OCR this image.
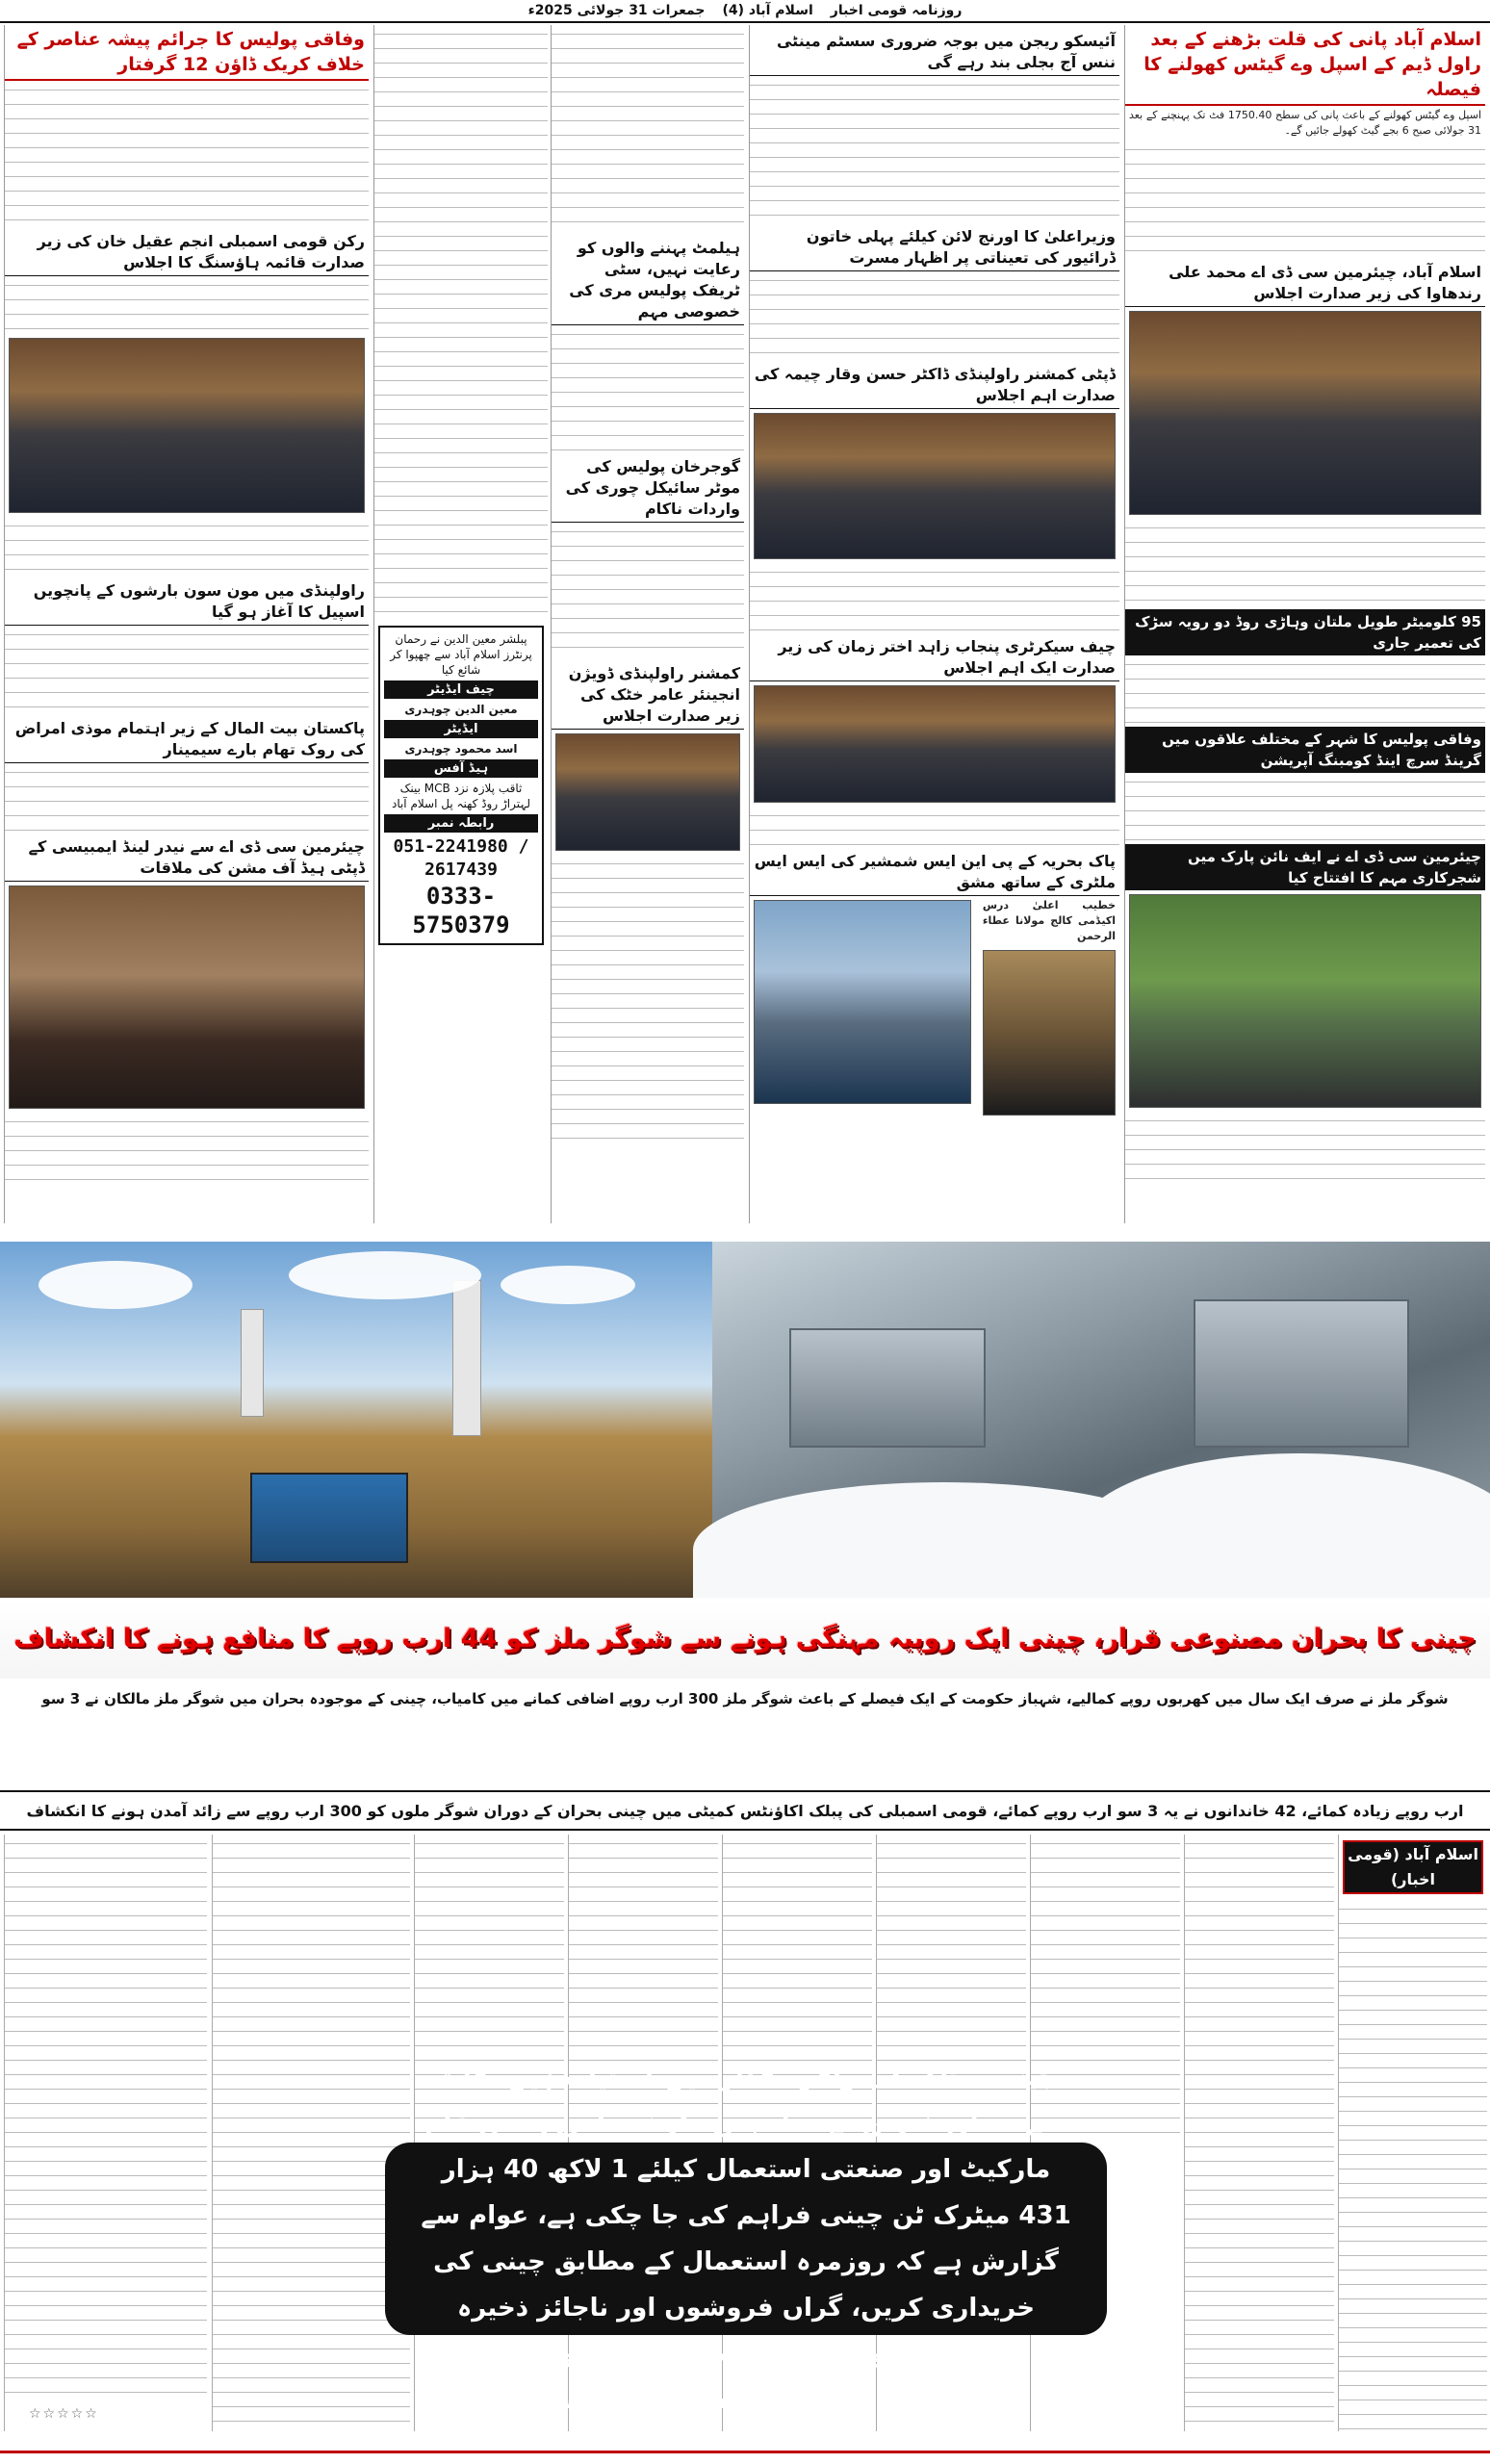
روزنامہ قومی اخبار
اسلام آباد (4)
جمعرات 31 جولائی 2025ء
اسلام آباد پانی کی قلت بڑھنے کے بعد راول ڈیم کے اسپل وے گیٹس کھولنے کا فیصلہ
اسپل وے گیٹس کھولنے کے باعث پانی کی سطح 1750.40 فٹ تک پہنچنے کے بعد 31 جولائی صبح 6 بجے گیٹ کھولے جائیں گے۔
اسلام آباد، چیئرمین سی ڈی اے محمد علی رندھاوا کی زیر صدارت اجلاس
95 کلومیٹر طویل ملتان وہاڑی روڈ دو رویہ سڑک کی تعمیر جاری
وفاقی پولیس کا شہر کے مختلف علاقوں میں گرینڈ سرچ اینڈ کومبنگ آپریشن
چیئرمین سی ڈی اے نے ایف نائن پارک میں شجرکاری مہم کا افتتاح کیا
آئیسکو ریجن میں بوجہ ضروری سسٹم مینٹی ننس آج بجلی بند رہے گی
وزیراعلیٰ کا اورنج لائن کیلئے پہلی خاتون ڈرائیور کی تعیناتی پر اظہار مسرت
ڈپٹی کمشنر راولپنڈی ڈاکٹر حسن وقار چیمہ کی صدارت اہم اجلاس
چیف سیکرٹری پنجاب زاہد اختر زمان کی زیر صدارت ایک اہم اجلاس
پاک بحریہ کے پی این ایس شمشیر کی ایس ایس ملٹری کے ساتھ مشق
خطیب اعلیٰ درس اکیڈمی کالج مولانا عطاء الرحمن
ہیلمٹ پہننے والوں کو رعایت نہیں، سٹی ٹریفک پولیس مری کی خصوصی مہم
گوجرخان پولیس کی موٹر سائیکل چوری کی واردات ناکام
کمشنر راولپنڈی ڈویژن انجینئر عامر خٹک کی زیر صدارت اجلاس
پبلشر معین الدین نے رحمان پرنٹرز اسلام آباد سے چھپوا کر شائع کیا
چیف ایڈیٹر
معین الدین چوہدری
ایڈیٹر
اسد محمود چوہدری
ہیڈ آفس
ثاقب پلازہ نزد MCB بینک لہتراڑ روڈ کھنہ پل اسلام آباد
رابطہ نمبر
051-2241980 / 2617439
0333-5750379
وفاقی پولیس کا جرائم پیشہ عناصر کے خلاف کریک ڈاؤن 12 گرفتار
رکن قومی اسمبلی انجم عقیل خان کی زیر صدارت قائمہ ہاؤسنگ کا اجلاس
راولپنڈی میں مون سون بارشوں کے پانچویں اسپیل کا آغاز ہو گیا
پاکستان بیت المال کے زیر اہتمام موذی امراض کی روک تھام بارے سیمینار
چیئرمین سی ڈی اے سے نیدر لینڈ ایمبیسی کے ڈپٹی ہیڈ آف مشن کی ملاقات
چینی کا بحران مصنوعی قرار، چینی ایک روپیہ مہنگی ہونے سے شوگر ملز کو 44 ارب روپے کا منافع ہونے کا انکشاف
شوگر ملز نے صرف ایک سال میں کھربوں روپے کمالیے، شہباز حکومت کے ایک فیصلے کے باعث شوگر ملز 300 ارب روپے اضافی کمانے میں کامیاب، چینی کے موجودہ بحران میں شوگر ملز مالکان نے 3 سو
ارب روپے زیادہ کمائے، 42 خاندانوں نے یہ 3 سو ارب روپے کمائے، قومی اسمبلی کی پبلک اکاؤنٹس کمیٹی میں چینی بحران کے دوران شوگر ملوں کو 300 ارب روپے سے زائد آمدن ہونے کا انکشاف
اسلام آباد (قومی اخبار)

چینی سٹاک کی وافر مقدار میں دستیاب ہیں، قلت سے متعلق خبریں بے بنیاد ہیں، گزشتہ 3 روز میں عام مارکیٹ اور صنعتی استعمال کیلئے 1 لاکھ 40 ہزار 431 میٹرک ٹن چینی فراہم کی جا چکی ہے، عوام سے گزارش ہے کہ روزمرہ استعمال کے مطابق چینی کی خریداری کریں، گراں فروشوں اور ناجائز ذخیرہ اندوزی کرنیوالوں سے حکومت آہنی ہاتھوں سے نمٹ رہی ہے، ترجمان پرائس کنٹرول پنجاب

☆☆☆☆☆
